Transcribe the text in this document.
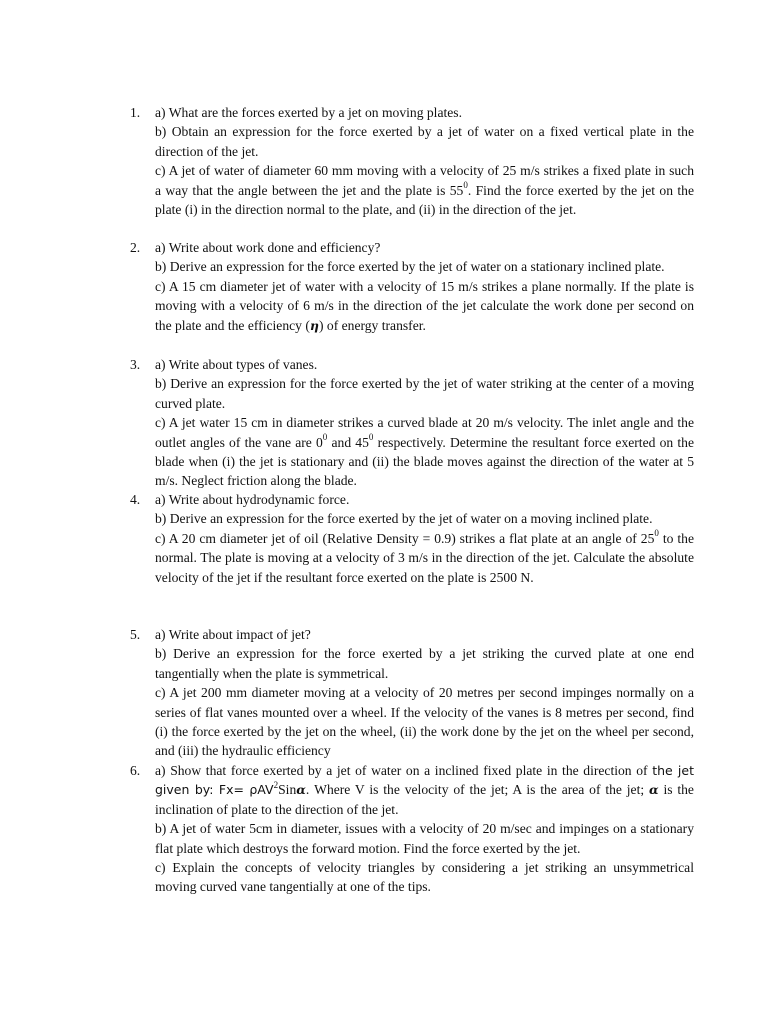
1.	a) What are the forces exerted by a jet on moving plates.
b) Obtain an expression for the force exerted by a jet of water on a fixed vertical plate in the direction of the jet.
c) A jet of water of diameter 60 mm moving with a velocity of 25 m/s strikes a fixed plate in such a way that the angle between the jet and the plate is $55^0$. Find the force exerted by the jet on the plate (i) in the direction normal to the plate, and (ii) in the direction of the jet.
2.	a) Write about work done and efficiency?
b) Derive an expression for the force exerted by the jet of water on a stationary inclined plate.
c) A 15 cm diameter jet of water with a velocity of 15 m/s strikes a plane normally. If the plate is moving with a velocity of 6 m/s in the direction of the jet calculate the work done per second on the plate and the efficiency (η) of energy transfer.
3.	a) Write about types of vanes.
b) Derive an expression for the force exerted by the jet of water striking at the center of a moving curved plate.
c) A jet water 15 cm in diameter strikes a curved blade at 20 m/s velocity. The inlet angle and the outlet angles of the vane are $0^0$ and $45^0$ respectively. Determine the resultant force exerted on the blade when (i) the jet is stationary and (ii) the blade moves against the direction of the water at 5 m/s. Neglect friction along the blade.
4.	a) Write about hydrodynamic force.
b) Derive an expression for the force exerted by the jet of water on a moving inclined plate.
c) A 20 cm diameter jet of oil (Relative Density = 0.9) strikes a flat plate at an angle of $25^0$ to the normal. The plate is moving at a velocity of 3 m/s in the direction of the jet. Calculate the absolute velocity of the jet if the resultant force exerted on the plate is 2500 N.
5.	a) Write about impact of jet?
b) Derive an expression for the force exerted by a jet striking the curved plate at one end tangentially when the plate is symmetrical.
c) A jet 200 mm diameter moving at a velocity of 20 metres per second impinges normally on a series of flat vanes mounted over a wheel. If the velocity of the vanes is 8 metres per second, find (i) the force exerted by the jet on the wheel, (ii) the work done by the jet on the wheel per second, and (iii) the hydraulic efficiency
6.	a) Show that force exerted by a jet of water on a inclined fixed plate in the direction of the jet given by: Fx= ρAV$^2$Sinα. Where V is the velocity of the jet; A is the area of the jet; α is the inclination of plate to the direction of the jet.
b) A jet of water 5cm in diameter, issues with a velocity of 20 m/sec and impinges on a stationary flat plate which destroys the forward motion. Find the force exerted by the jet.
c) Explain the concepts of velocity triangles by considering a jet striking an unsymmetrical moving curved vane tangentially at one of the tips.
